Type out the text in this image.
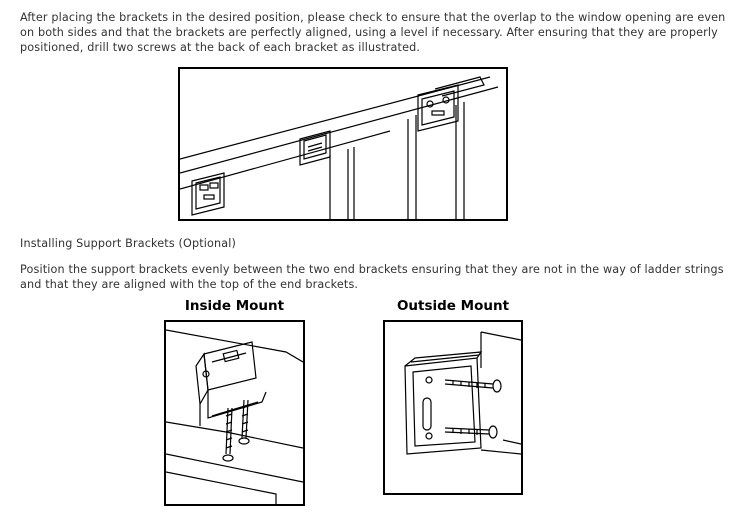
After placing the brackets in the desired position, please check to ensure that the overlap to the window opening are even on both sides and that the brackets are perfectly aligned, using a level if necessary. After ensuring that they are properly positioned, drill two screws at the back of each bracket as illustrated.

Installing Support Brackets (Optional)

Position the support brackets evenly between the two end brackets ensuring that they are not in the way of ladder strings and that they are aligned with the top of the end brackets.

Inside Mount	Outside Mount
